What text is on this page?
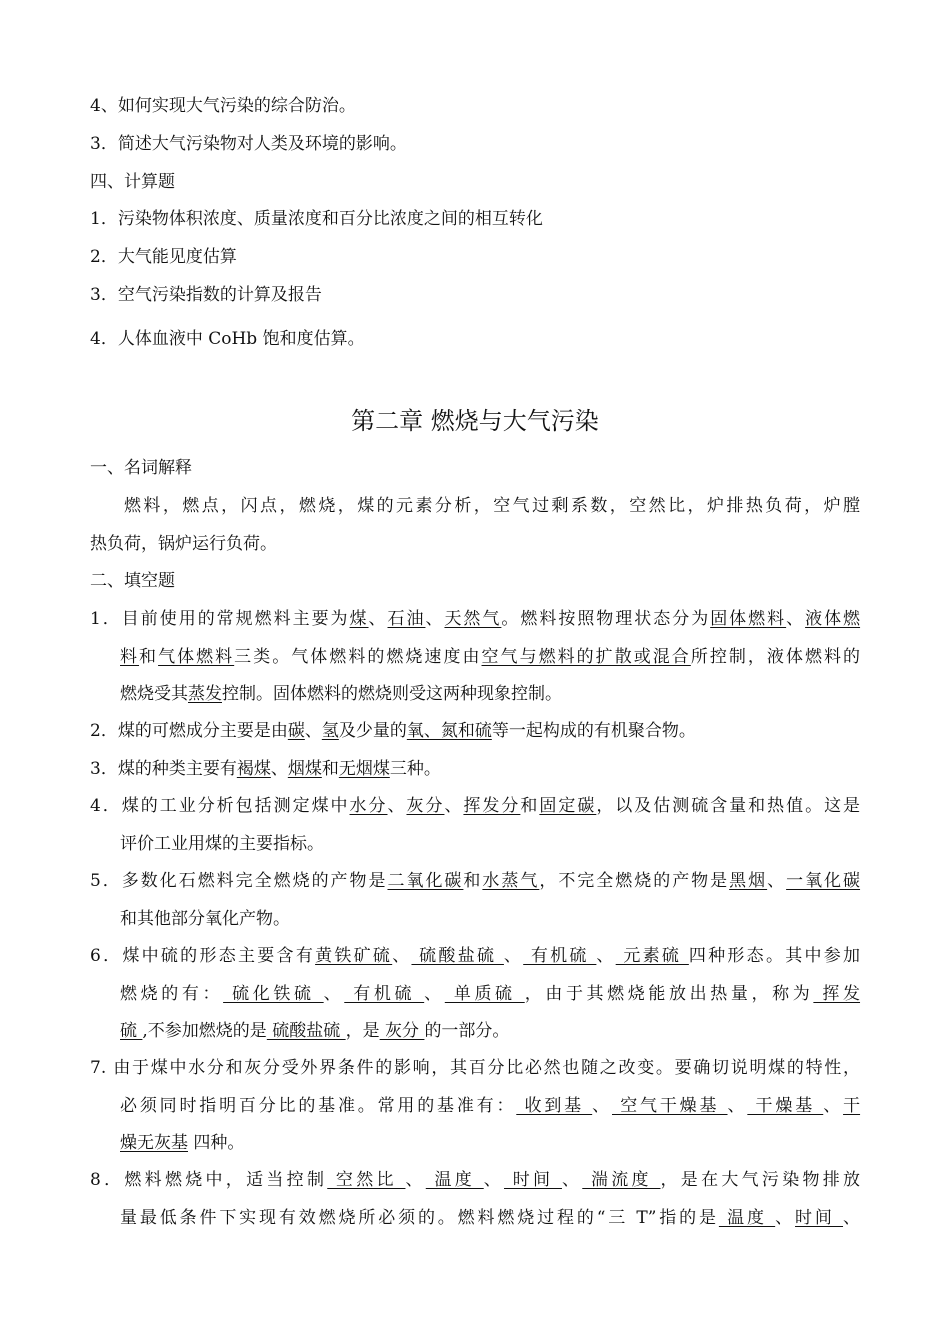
4、如何实现大气污染的综合防治。
3．简述大气污染物对人类及环境的影响。
四、计算题
1．污染物体积浓度、质量浓度和百分比浓度之间的相互转化
2．大气能见度估算
3．空气污染指数的计算及报告
4．人体血液中 CoHb 饱和度估算。
第二章 燃烧与大气污染
一、名词解释
燃料，燃点，闪点，燃烧，煤的元素分析，空气过剩系数，空然比，炉排热负荷，炉膛
热负荷，锅炉运行负荷。
二、填空题
1．目前使用的常规燃料主要为煤、石油、天然气。燃料按照物理状态分为固体燃料、液体燃
料和气体燃料三类。气体燃料的燃烧速度由空气与燃料的扩散或混合所控制，液体燃料的
燃烧受其蒸发控制。固体燃料的燃烧则受这两种现象控制。
2．煤的可燃成分主要是由碳、氢及少量的氧、氮和硫等一起构成的有机聚合物。
3．煤的种类主要有褐煤、烟煤和无烟煤三种。
4．煤的工业分析包括测定煤中水分、灰分、挥发分和固定碳，以及估测硫含量和热值。这是
评价工业用煤的主要指标。
5．多数化石燃料完全燃烧的产物是二氧化碳和水蒸气，不完全燃烧的产物是黑烟、一氧化碳
和其他部分氧化产物。
6．煤中硫的形态主要含有黄铁矿硫、 硫酸盐硫 、 有机硫 、 元素硫 四种形态。其中参加
燃烧的有： 硫化铁硫 、 有机硫 、 单质硫 ，由于其燃烧能放出热量，称为 挥发
硫 ,不参加燃烧的是 硫酸盐硫 ，是 灰分 的一部分。
7. 由于煤中水分和灰分受外界条件的影响，其百分比必然也随之改变。要确切说明煤的特性，
必须同时指明百分比的基准。常用的基准有： 收到基 、 空气干燥基 、 干燥基 、干
燥无灰基 四种。
8．燃料燃烧中，适当控制 空然比 、 温度 、 时间 、 湍流度 ，是在大气污染物排放
量最低条件下实现有效燃烧所必须的。燃料燃烧过程的“三 T”指的是 温度 、时间 、
